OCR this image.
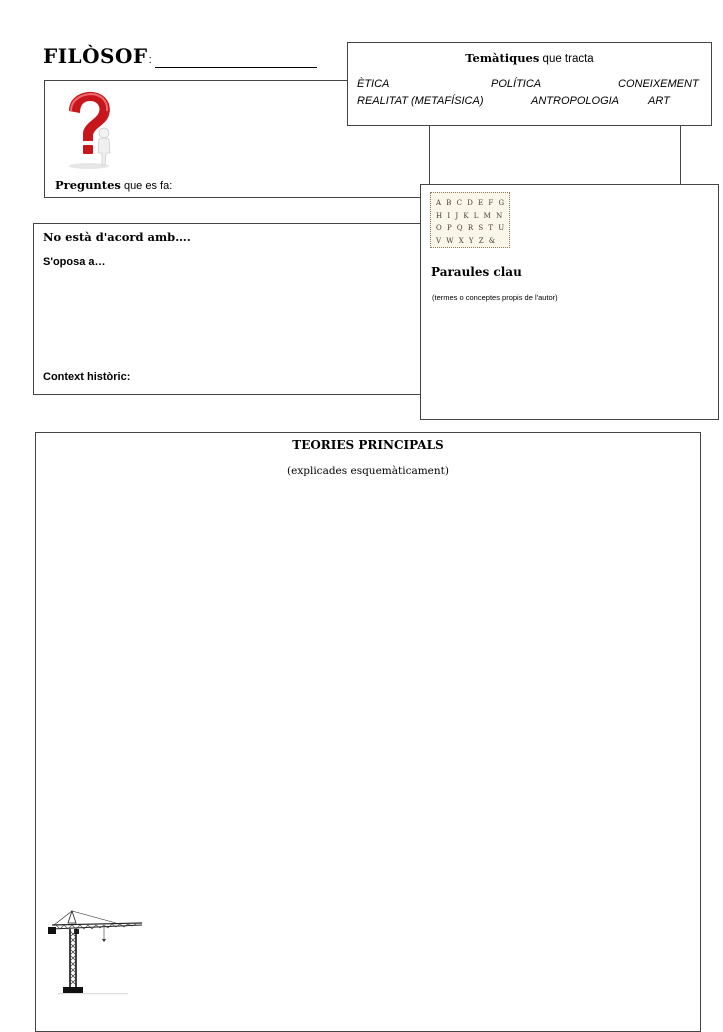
FILÒSOF :
Preguntes que es fa:
Temàtiques que tracta
ÈTICA	POLÍTICA	CONEIXEMENT
REALITAT (METAFÍSICA)	ANTROPOLOGIA	ART
No està d'acord amb….
S'oposa a…
Context històric:
A B C D E F G
H I J K L M N
O P Q R S T U
V W X Y Z &
Paraules clau
(termes o conceptes propis de l'autor)
TEORIES PRINCIPALS
(explicades esquemàticament)
